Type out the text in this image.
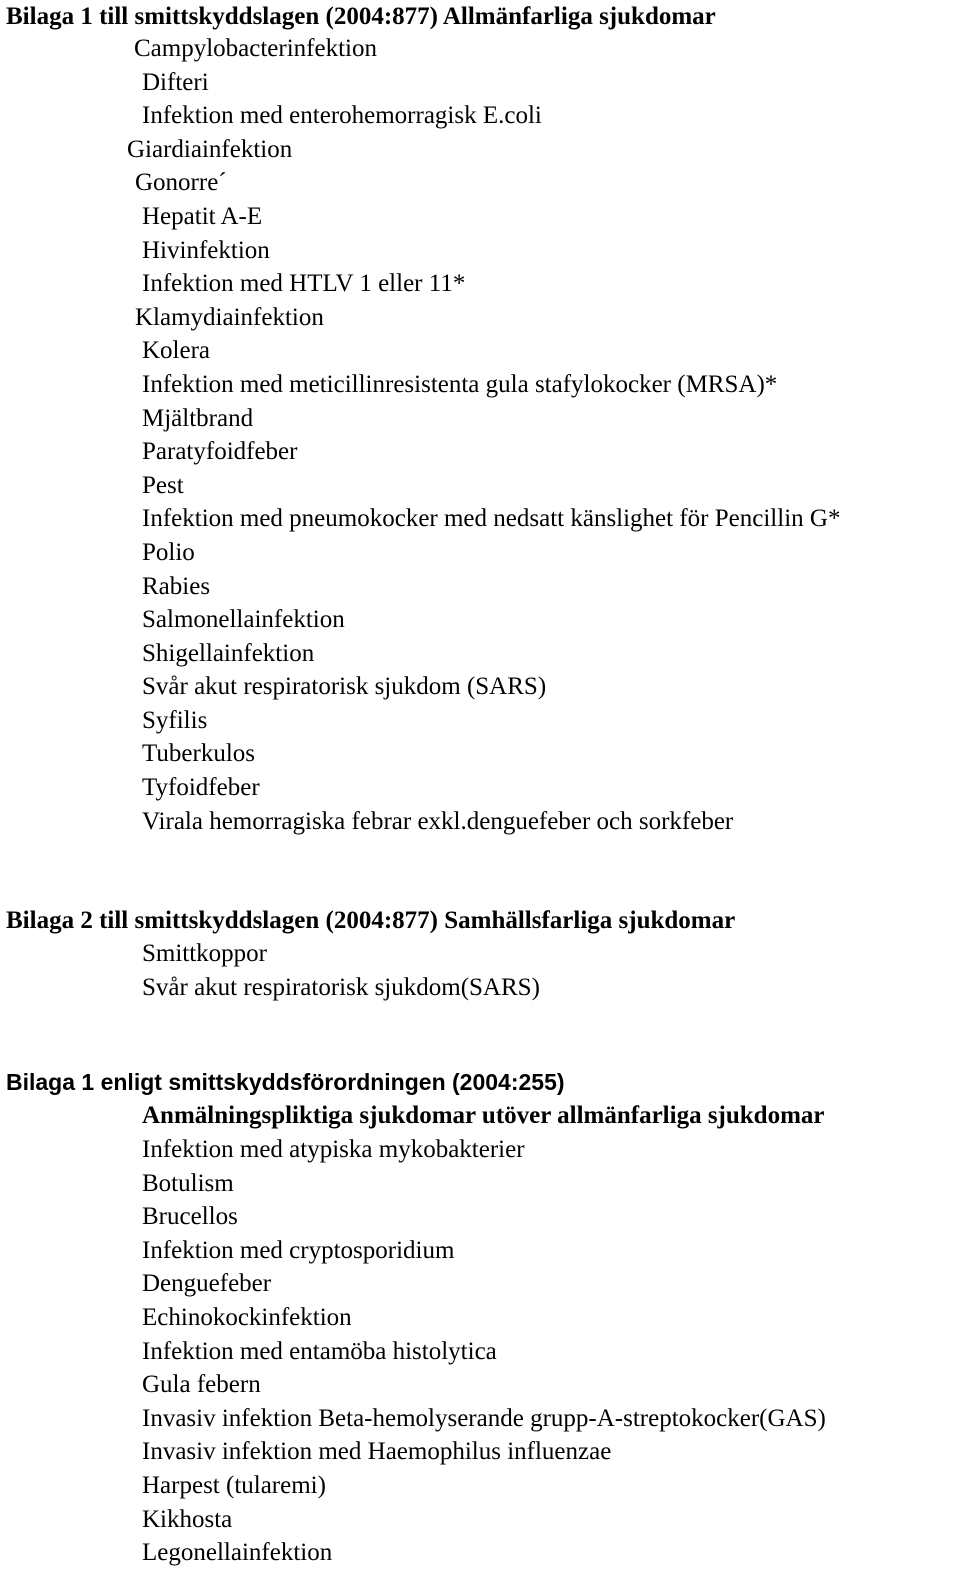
Bilaga 1 till smittskyddslagen (2004:877) Allmänfarliga sjukdomar
Campylobacterinfektion
Difteri
Infektion med enterohemorragisk E.coli
Giardiainfektion
Gonorre´
Hepatit A-E
Hivinfektion
Infektion med HTLV 1 eller 11*
Klamydiainfektion
Kolera
Infektion med meticillinresistenta gula stafylokocker (MRSA)*
Mjältbrand
Paratyfoidfeber
Pest
Infektion med pneumokocker med nedsatt känslighet för Pencillin G*
Polio
Rabies
Salmonellainfektion
Shigellainfektion
Svår akut respiratorisk sjukdom (SARS)
Syfilis
Tuberkulos
Tyfoidfeber
Virala hemorragiska febrar exkl.denguefeber och sorkfeber
Bilaga 2 till smittskyddslagen (2004:877) Samhällsfarliga sjukdomar
Smittkoppor
Svår akut respiratorisk sjukdom(SARS)
Bilaga 1 enligt smittskyddsförordningen (2004:255)
Anmälningspliktiga sjukdomar utöver allmänfarliga sjukdomar
Infektion med atypiska mykobakterier
Botulism
Brucellos
Infektion med cryptosporidium
Denguefeber
Echinokockinfektion
Infektion med entamöba histolytica
Gula febern
Invasiv infektion Beta-hemolyserande grupp-A-streptokocker(GAS)
Invasiv infektion med Haemophilus influenzae
Harpest (tularemi)
Kikhosta
Legonellainfektion
